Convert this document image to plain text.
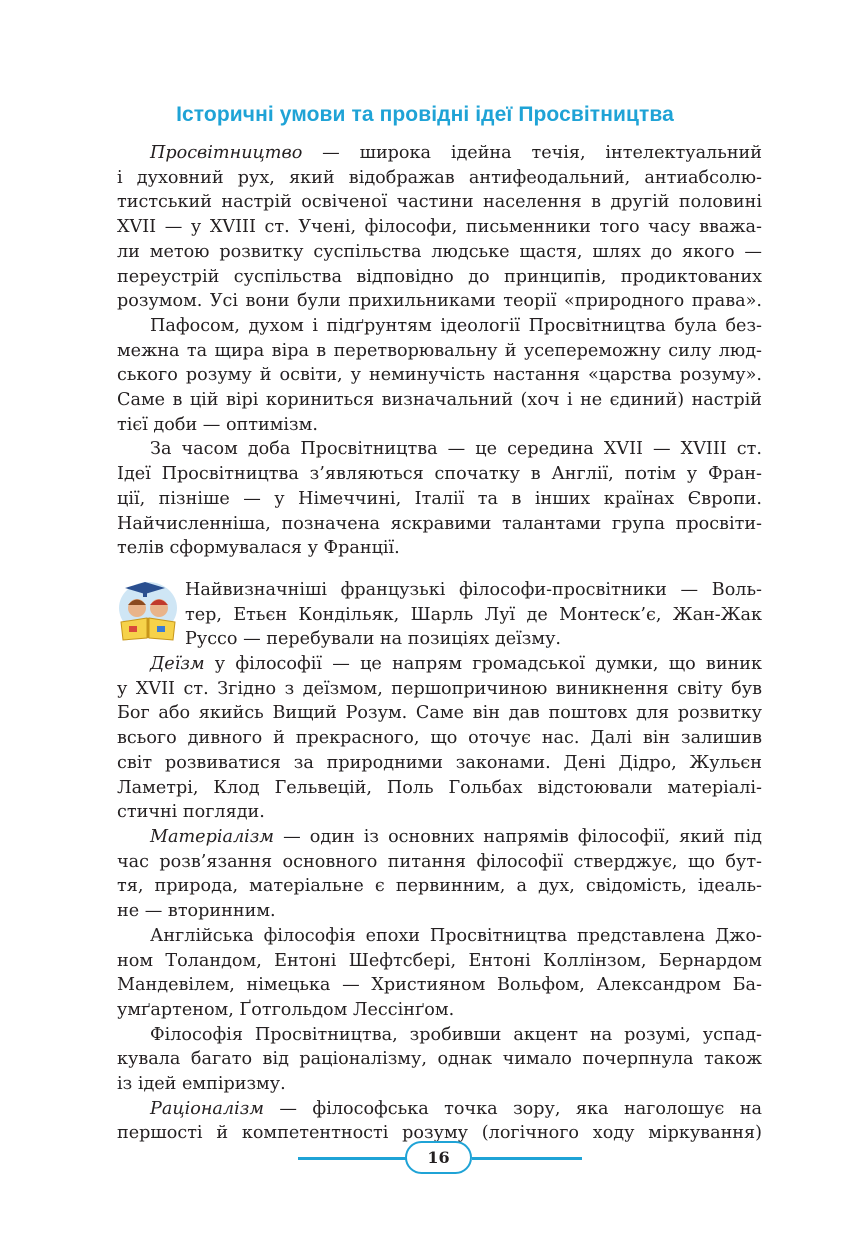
Історичні умови та провідні ідеї Просвітництва
Просвітництво — широка ідейна течія, інтелектуальний
і духовний рух, який відображав антифеодальний, антиабсолю-
тистський настрій освіченої частини населення в другій половині
XVII — у XVIII ст. Учені, філософи, письменники того часу вважа-
ли метою розвитку суспільства людське щастя, шлях до якого —
переустрій суспільства відповідно до принципів, продиктованих
розумом. Усі вони були прихильниками теорії «природного права».
Пафосом, духом і підґрунтям ідеології Просвітництва була без-
межна та щира віра в перетворювальну й усепереможну силу люд-
ського розуму й освіти, у неминучість настання «царства розуму».
Саме в цій вірі кориниться визначальний (хоч і не єдиний) настрій
тієї доби — оптимізм.
За часом доба Просвітництва — це середина XVII — XVIII ст.
Ідеї Просвітництва з’являються спочатку в Англії, потім у Фран-
ції, пізніше — у Німеччині, Італії та в інших країнах Європи.
Найчисленніша, позначена яскравими талантами група просвіти-
телів сформувалася у Франції.
Найвизначніші французькі філософи-просвітники — Воль-
тер, Етьєн Кондільяк, Шарль Луї де Монтеск’є, Жан-Жак
Руссо — перебували на позиціях деїзму.
Деїзм у філософії — це напрям громадської думки, що виник
у XVII ст. Згідно з деїзмом, першопричиною виникнення світу був
Бог або якийсь Вищий Розум. Саме він дав поштовх для розвитку
всього дивного й прекрасного, що оточує нас. Далі він залишив
світ розвиватися за природними законами. Дені Дідро, Жульєн
Ламетрі, Клод Гельвецій, Поль Гольбах відстоювали матеріалі-
стичні погляди.
Матеріалізм — один із основних напрямів філософії, який під
час розв’язання основного питання філософії стверджує, що бут-
тя, природа, матеріальне є первинним, а дух, свідомість, ідеаль-
не — вторинним.
Англійська філософія епохи Просвітництва представлена Джо-
ном Толандом, Ентоні Шефтсбері, Ентоні Коллінзом, Бернардом
Мандевілем, німецька — Християном Вольфом, Александром Ба-
умґартеном, Ґотгольдом Лессінґом.
Філософія Просвітництва, зробивши акцент на розумі, успад-
кувала багато від раціоналізму, однак чимало почерпнула також
із ідей емпіризму.
Раціоналізм — філософська точка зору, яка наголошує на
першості й компетентності розуму (логічного ходу міркування)
16
